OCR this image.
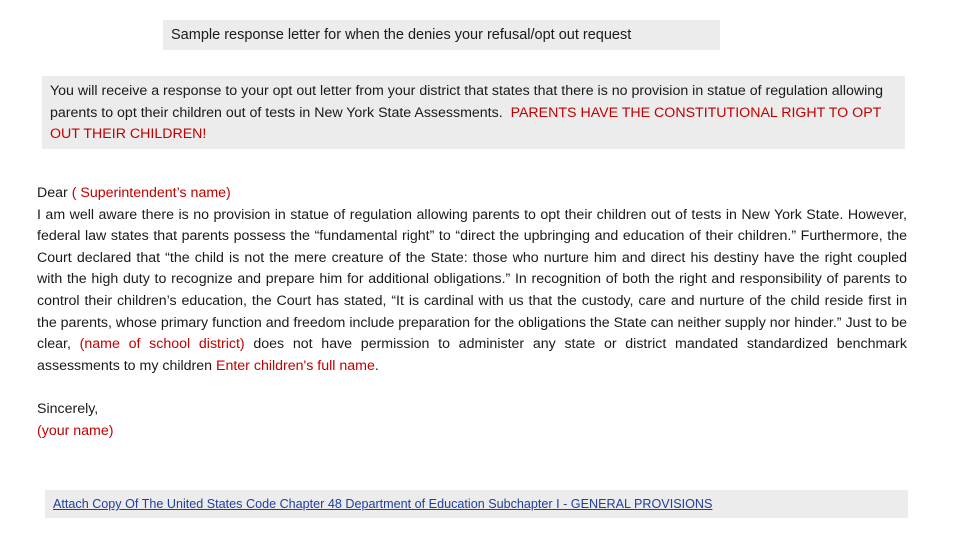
Sample response letter for when the denies your refusal/opt out request
You will receive a response to your opt out letter from your district that states that there is no provision in statue of regulation allowing parents to opt their children out of tests in New York State Assessments. PARENTS HAVE THE CONSTITUTIONAL RIGHT TO OPT OUT THEIR CHILDREN!

Dear ( Superintendent’s name)

I am well aware there is no provision in statue of regulation allowing parents to opt their children out of tests in New York State. However, federal law states that parents possess the “fundamental right” to “direct the upbringing and education of their children.” Furthermore, the Court declared that “the child is not the mere creature of the State: those who nurture him and direct his destiny have the right coupled with the high duty to recognize and prepare him for additional obligations.” In recognition of both the right and responsibility of parents to control their children’s education, the Court has stated, “It is cardinal with us that the custody, care and nurture of the child reside first in the parents, whose primary function and freedom include preparation for the obligations the State can neither supply nor hinder.” Just to be clear, (name of school district) does not have permission to administer any state or district mandated standardized benchmark assessments to my children Enter children's full name.

Sincerely,

(your name)

Attach Copy Of The United States Code Chapter 48 Department of Education Subchapter I - GENERAL PROVISIONS
